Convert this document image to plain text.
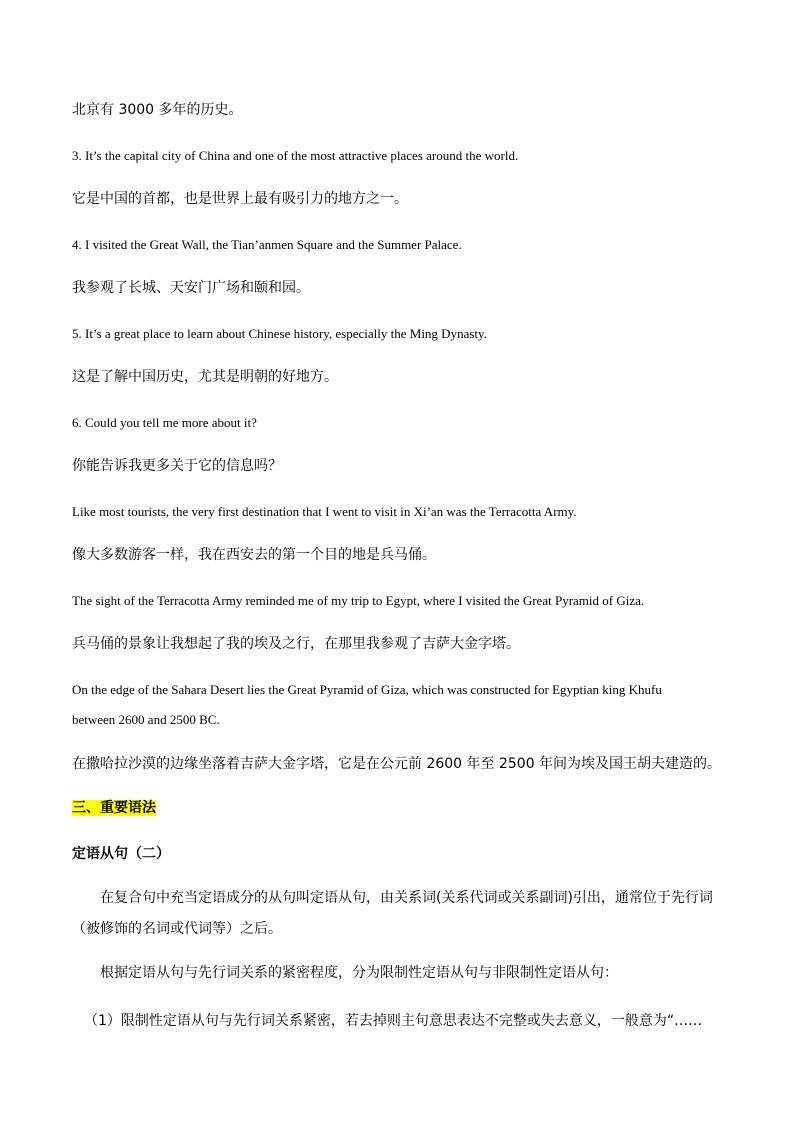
北京有 3000 多年的历史。
3. It’s the capital city of China and one of the most attractive places around the world.
它是中国的首都，也是世界上最有吸引力的地方之一。
4. I visited the Great Wall, the Tian’anmen Square and the Summer Palace.
我参观了长城、天安门广场和颐和园。
5. It’s a great place to learn about Chinese history, especially the Ming Dynasty.
这是了解中国历史，尤其是明朝的好地方。
6. Could you tell me more about it?
你能告诉我更多关于它的信息吗？
Like most tourists, the very first destination that I went to visit in Xi’an was the Terracotta Army.
像大多数游客一样，我在西安去的第一个目的地是兵马俑。
The sight of the Terracotta Army reminded me of my trip to Egypt, where I visited the Great Pyramid of Giza.
兵马俑的景象让我想起了我的埃及之行，在那里我参观了吉萨大金字塔。
On the edge of the Sahara Desert lies the Great Pyramid of Giza, which was constructed for Egyptian king Khufu
between 2600 and 2500 BC.
在撒哈拉沙漠的边缘坐落着吉萨大金字塔，它是在公元前 2600 年至 2500 年间为埃及国王胡夫建造的。
三、重要语法
定语从句（二）
在复合句中充当定语成分的从句叫定语从句，由关系词(关系代词或关系副词)引出，通常位于先行词
（被修饰的名词或代词等）之后。
根据定语从句与先行词关系的紧密程度，分为限制性定语从句与非限制性定语从句：
（1）限制性定语从句与先行词关系紧密，若去掉则主句意思表达不完整或失去意义，一般意为“……
